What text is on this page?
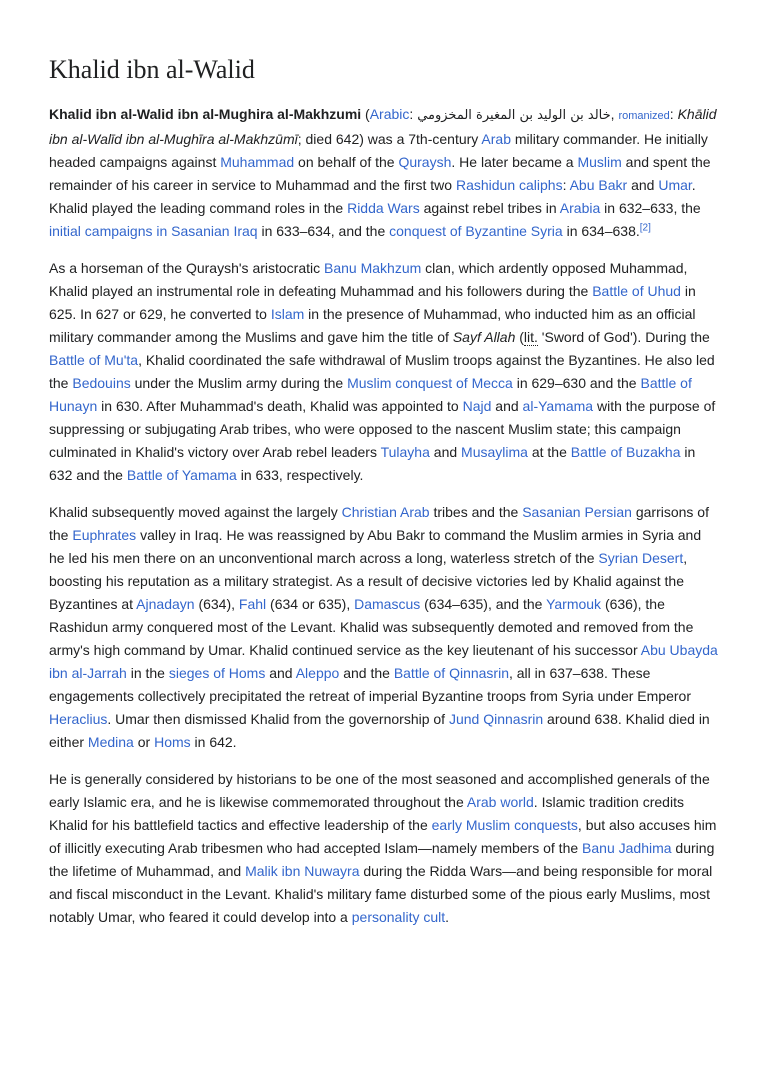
Khalid ibn al-Walid

Khalid ibn al-Walid ibn al-Mughira al-Makhzumi (Arabic: خالد بن الوليد بن المغيرة المخزومي, romanized: Khālid ibn al-Walīd ibn al-Mughīra al-Makhzūmī; died 642) was a 7th-century Arab military commander. He initially headed campaigns against Muhammad on behalf of the Quraysh. He later became a Muslim and spent the remainder of his career in service to Muhammad and the first two Rashidun caliphs: Abu Bakr and Umar. Khalid played the leading command roles in the Ridda Wars against rebel tribes in Arabia in 632–633, the initial campaigns in Sasanian Iraq in 633–634, and the conquest of Byzantine Syria in 634–638.[2]

As a horseman of the Quraysh's aristocratic Banu Makhzum clan, which ardently opposed Muhammad, Khalid played an instrumental role in defeating Muhammad and his followers during the Battle of Uhud in 625. In 627 or 629, he converted to Islam in the presence of Muhammad, who inducted him as an official military commander among the Muslims and gave him the title of Sayf Allah (lit. 'Sword of God'). During the Battle of Mu'ta, Khalid coordinated the safe withdrawal of Muslim troops against the Byzantines. He also led the Bedouins under the Muslim army during the Muslim conquest of Mecca in 629–630 and the Battle of Hunayn in 630. After Muhammad's death, Khalid was appointed to Najd and al-Yamama with the purpose of suppressing or subjugating Arab tribes, who were opposed to the nascent Muslim state; this campaign culminated in Khalid's victory over Arab rebel leaders Tulayha and Musaylima at the Battle of Buzakha in 632 and the Battle of Yamama in 633, respectively.

Khalid subsequently moved against the largely Christian Arab tribes and the Sasanian Persian garrisons of the Euphrates valley in Iraq. He was reassigned by Abu Bakr to command the Muslim armies in Syria and he led his men there on an unconventional march across a long, waterless stretch of the Syrian Desert, boosting his reputation as a military strategist. As a result of decisive victories led by Khalid against the Byzantines at Ajnadayn (634), Fahl (634 or 635), Damascus (634–635), and the Yarmouk (636), the Rashidun army conquered most of the Levant. Khalid was subsequently demoted and removed from the army's high command by Umar. Khalid continued service as the key lieutenant of his successor Abu Ubayda ibn al-Jarrah in the sieges of Homs and Aleppo and the Battle of Qinnasrin, all in 637–638. These engagements collectively precipitated the retreat of imperial Byzantine troops from Syria under Emperor Heraclius. Umar then dismissed Khalid from the governorship of Jund Qinnasrin around 638. Khalid died in either Medina or Homs in 642.

He is generally considered by historians to be one of the most seasoned and accomplished generals of the early Islamic era, and he is likewise commemorated throughout the Arab world. Islamic tradition credits Khalid for his battlefield tactics and effective leadership of the early Muslim conquests, but also accuses him of illicitly executing Arab tribesmen who had accepted Islam—namely members of the Banu Jadhima during the lifetime of Muhammad, and Malik ibn Nuwayra during the Ridda Wars—and being responsible for moral and fiscal misconduct in the Levant. Khalid's military fame disturbed some of the pious early Muslims, most notably Umar, who feared it could develop into a personality cult.
